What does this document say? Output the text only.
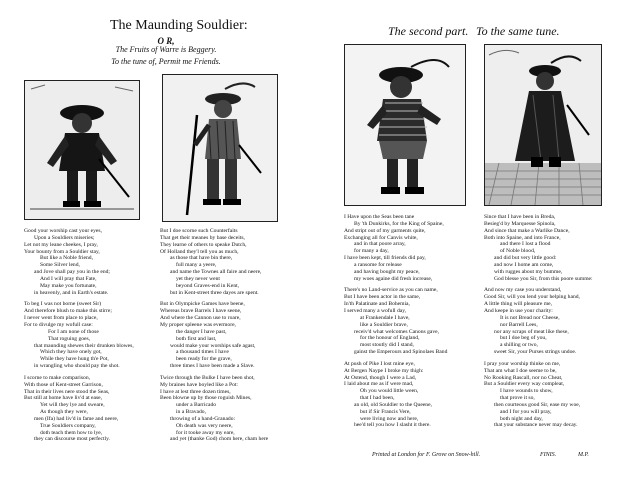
The Maunding Souldier:
O R,
The Fruits of Warre is Beggery.
To the tune of, Permit me Friends.
The second part. To the same tune.
Good your worship cast your eyes,
Upon a Souldiers miseries;
Let not my leane cheekes, I pray,
Your bounty from a Souldier stay,
But like a Noble friend,
Some Silver lend,
and Jove shall pay you in the end;
And I will pray that Fate,
May make you fortunate,
in heavenly, and in Earth's estate.
To beg I was not borne (sweet Sir)
And therefore blush to make this stirre;
I never went from place to place,
For to divulge my wofull case:
For I am none of those
That roguing goes,
that maunding shewes their drunken blowes,
Which they have onely got,
While they have hung th'e Pot,
in wrangling who should pay the shot.
I scorne to make comparison,
With those of Kent-street Garrison,
That in their lives nere stood the Seas,
But still at home have liv'd at ease,
Yet will they lye and sweare,
As though they were,
men (Ifa) had liv'd in fame and neere,
True Souldiers company,
doth teach them how to lye,
they can discourse most perfectly.
But I doe scorne such Counterfaits
That get their meanes by base deceits,
They learne of others to speake Dutch,
Of Holland they'l tell you as much,
as those that have bin there,
full many a yeere,
and name the Townes all faire and neere,
yet they never went
beyond Graves-end in Kent,
but in Kent-street three dayes are spent.
But in Olympicke Games have beene,
Whereas brave Barrels I have seene,
And where the Cannon use to roare,
My proper spleene was evermore,
the danger I have past,
both first and last,
would make your worships safe agast,
a thousand times I have
been ready for the grave,
three times I have been made a Slave.
Twice through the Bulke I have been shot,
My braines have boyled like a Pot:
I have at lest three dozen times,
Been blowne up by those roguish Mines,
under a Barricado
in a Bravado,
throwing of a hand-Granado:
Oh death was very neere,
for it tooke away my eare,
and yet (thanke God) chom here, cham here
I Have upon the Seas been tane
By 'th Dunkirks, for the King of Spaine,
And stript out of my garments quite,
Exchanging all for Canvis white,
and in that poore array,
for many a day,
I have been kept, till friends did pay,
a ransome for release
and having bought my peace,
my woes againe did fresh increase,
There's no Land-service as you can name,
But I have been actor in the same,
In'th Palatinate and Bohemia,
I served many a wofull day,
at Frankendale I have,
like a Souldier brave,
receiv'd what welcomes Canons gave,
for the honour of England,
most stoutly did I stand,
gainst the Emperours and Spinolaes Band
At push of Pike I lost mine eye,
At Bergen Naype I broke my thigh:
At Ostend, though I were a Lad,
I laid about me as if were mad,
Oh you would little ween,
that I had been,
an old, old Souldier to the Queene,
but if Sir Francis Vere,
were living now and here,
hee'd tell you how I slasht it there.
Since that I have been in Breda,
Besieg'd by Marquesse Spinola,
And since that make a Warlike Dance,
Both into Spaine, and into France,
and there I lost a flood
of Noble blood,
and did but very little good:
and now I home am come,
with rugges about my bumme,
God blesse you Sir, from this poore summe:
And now my case you understand,
Good Sir, will you lend your helping hand,
A little thing will pleasure me,
And keepe in use your charity:
It is not Bread nor Cheese,
nor Barrell Lees,
nor any scraps of meat like these,
but I doe beg of you,
a shilling or two,
sweet Sir, your Purses strings undoe.
I pray your worship thinke on me,
That am what I doe seeme to be,
No Rooking Rascall, nor no Cheat,
But a Souldier every way compleat,
I have wounds to show,
that prove it so,
then courteous good Sir, ease my woe,
and I for you will pray,
both night and day,
that your substance never may decay.
Printed at London for F. Grove on Snow-hill.	FINIS.	M.P.
